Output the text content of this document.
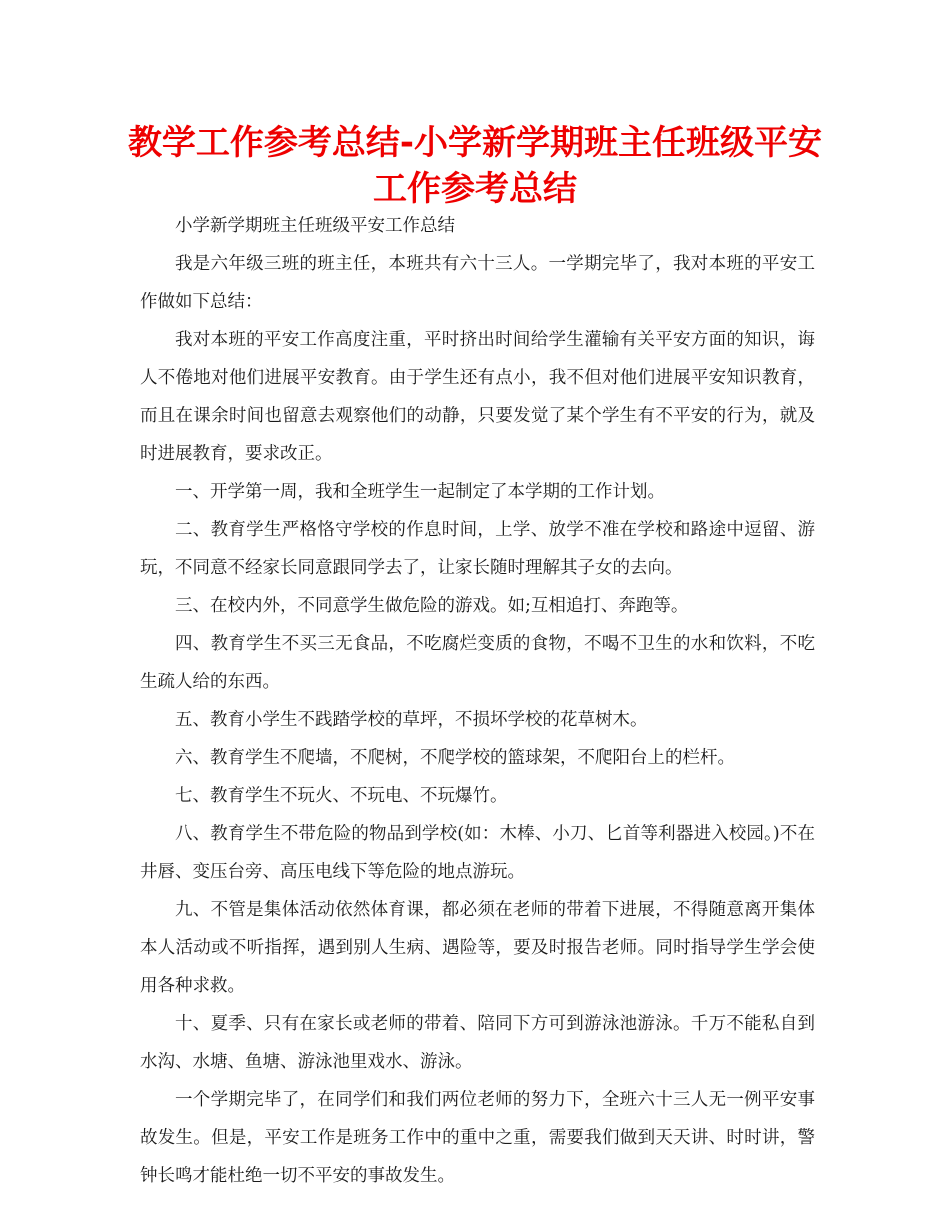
教学工作参考总结-小学新学期班主任班级平安工作参考总结

小学新学期班主任班级平安工作总结

我是六年级三班的班主任，本班共有六十三人。一学期完毕了，我对本班的平安工作做如下总结：

我对本班的平安工作高度注重，平时挤出时间给学生灌输有关平安方面的知识，诲人不倦地对他们进展平安教育。由于学生还有点小，我不但对他们进展平安知识教育，而且在课余时间也留意去观察他们的动静，只要发觉了某个学生有不平安的行为，就及时进展教育，要求改正。

一、开学第一周，我和全班学生一起制定了本学期的工作计划。

二、教育学生严格恪守学校的作息时间，上学、放学不准在学校和路途中逗留、游玩，不同意不经家长同意跟同学去了，让家长随时理解其子女的去向。

三、在校内外，不同意学生做危险的游戏。如;互相追打、奔跑等。

四、教育学生不买三无食品，不吃腐烂变质的食物，不喝不卫生的水和饮料，不吃生疏人给的东西。

五、教育小学生不践踏学校的草坪，不损坏学校的花草树木。

六、教育学生不爬墙，不爬树，不爬学校的篮球架，不爬阳台上的栏杆。

七、教育学生不玩火、不玩电、不玩爆竹。

八、教育学生不带危险的物品到学校(如：木棒、小刀、匕首等利器进入校园。)不在井唇、变压台旁、高压电线下等危险的地点游玩。

九、不管是集体活动依然体育课，都必须在老师的带着下进展，不得随意离开集体本人活动或不听指挥，遇到别人生病、遇险等，要及时报告老师。同时指导学生学会使用各种求救。

十、夏季、只有在家长或老师的带着、陪同下方可到游泳池游泳。千万不能私自到水沟、水塘、鱼塘、游泳池里戏水、游泳。

一个学期完毕了，在同学们和我们两位老师的努力下，全班六十三人无一例平安事故发生。但是，平安工作是班务工作中的重中之重，需要我们做到天天讲、时时讲，警钟长鸣才能杜绝一切不平安的事故发生。
